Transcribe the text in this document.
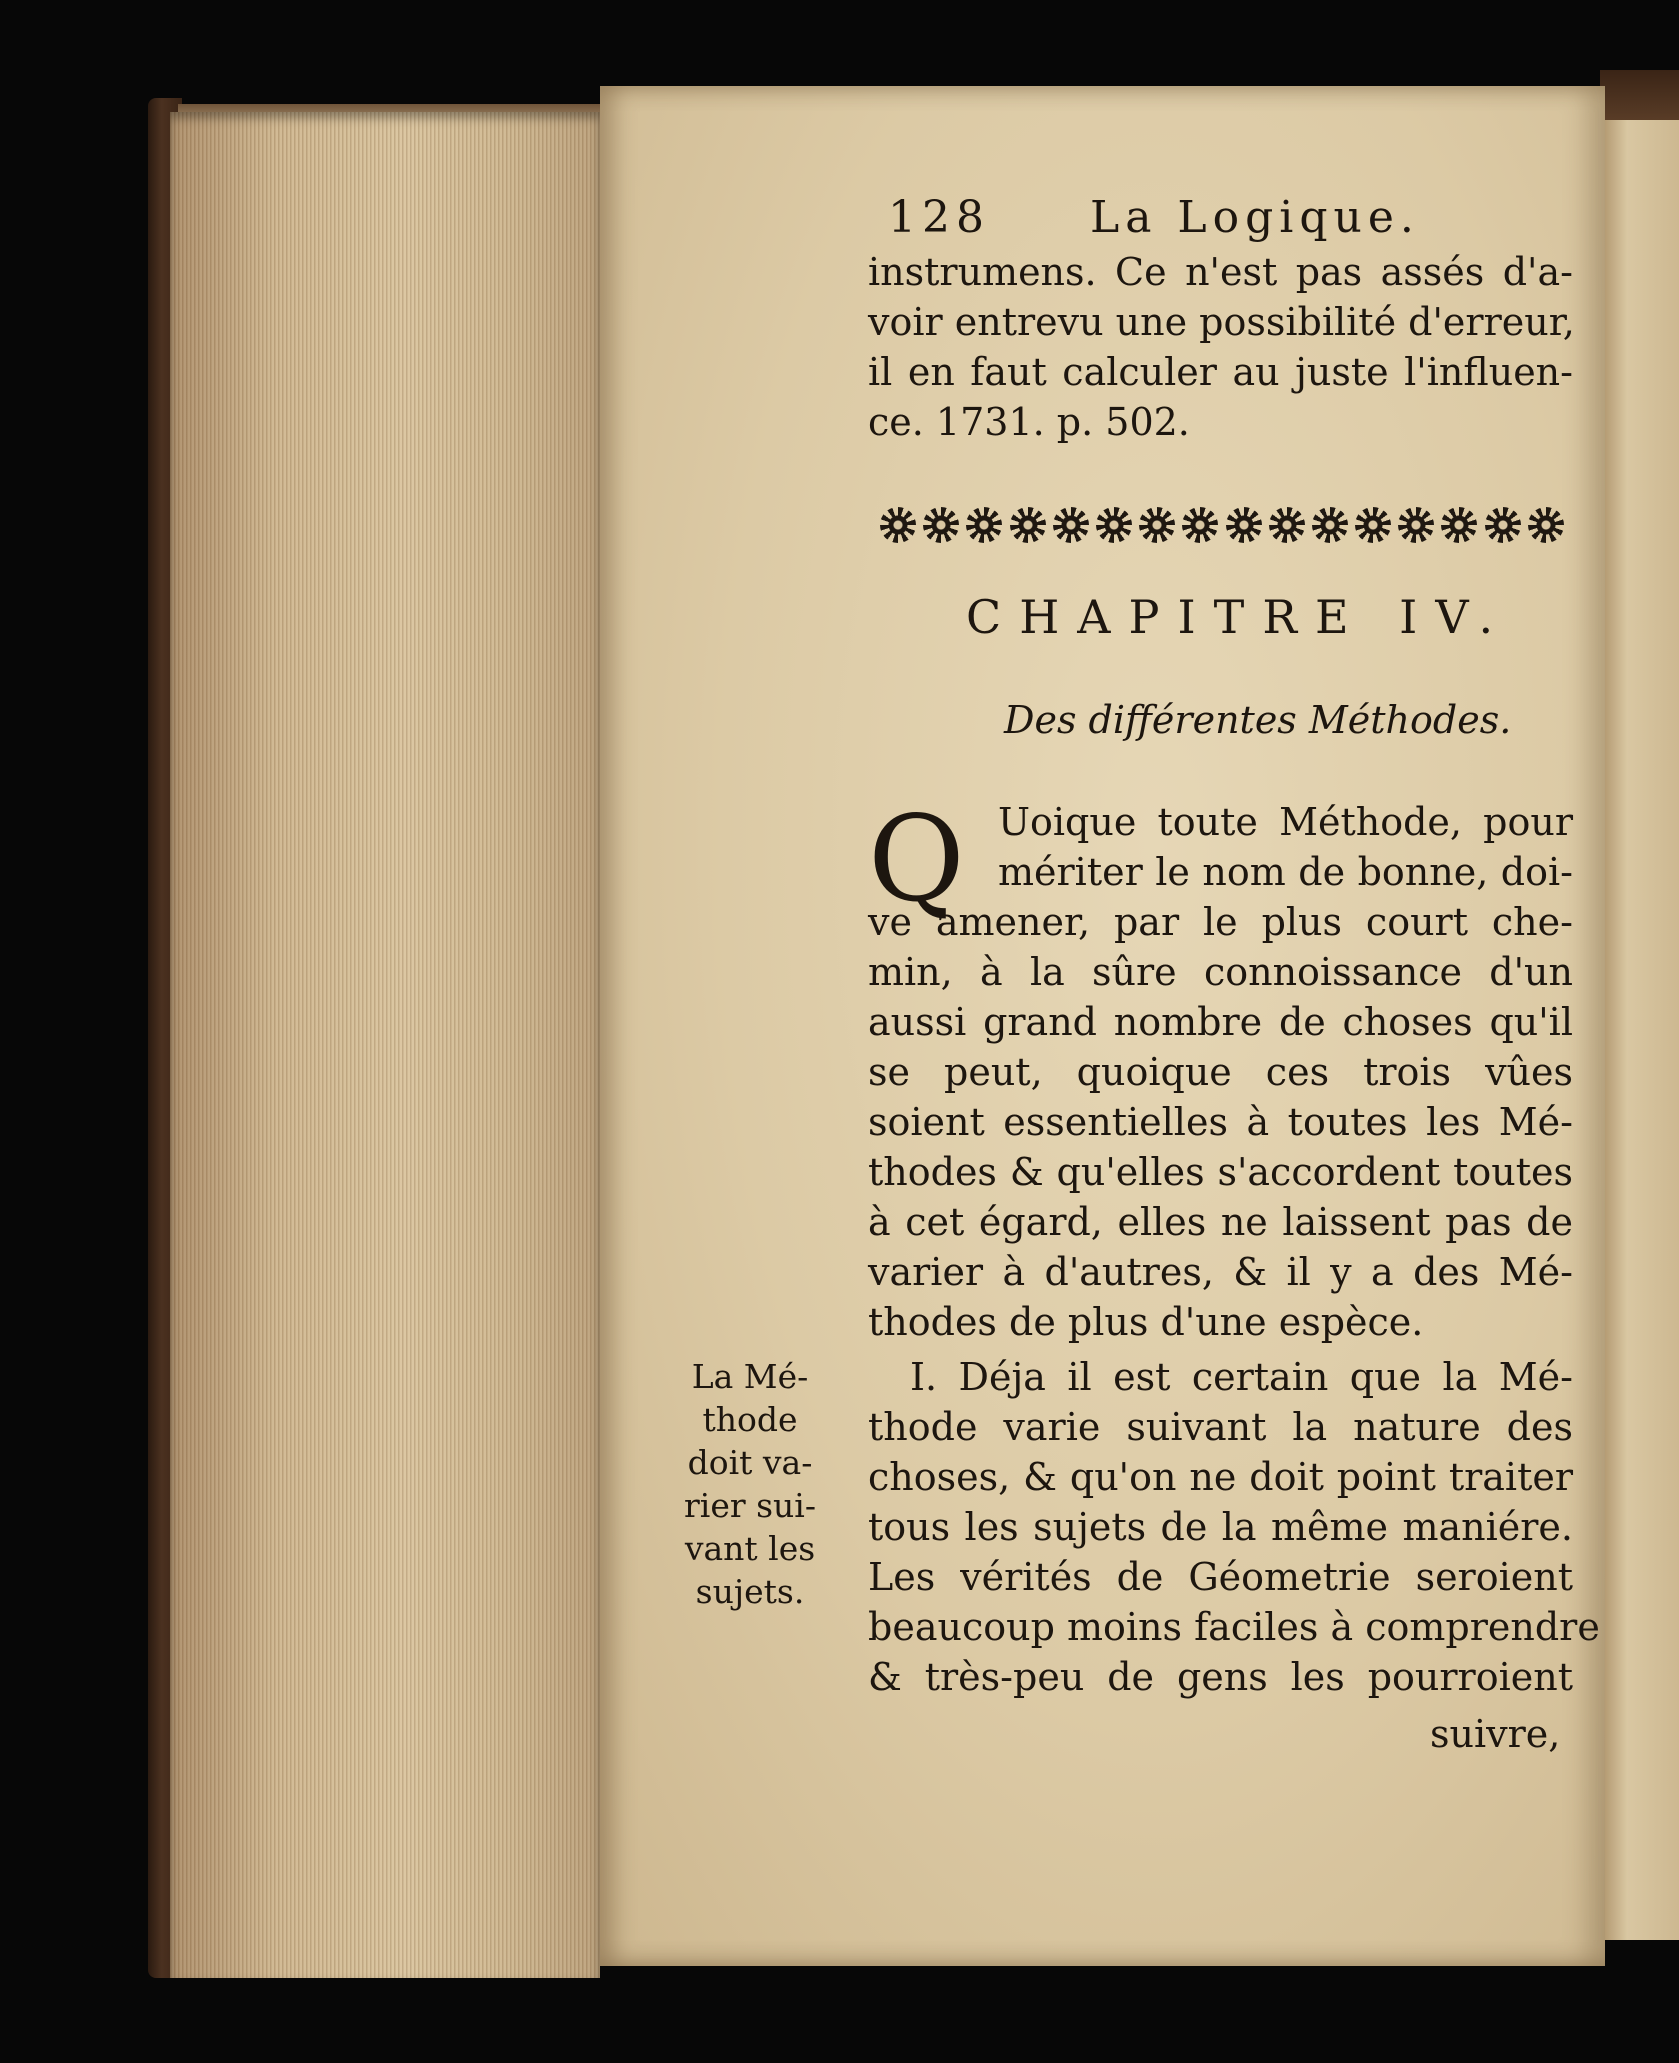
128 La Logique.
instrumens. Ce n'est pas assés d'a-
voir entrevu une possibilité d'erreur,
il en faut calculer au juste l'influen-
ce. 1731. p. 502.
CHAPITRE IV.
Des différentes Méthodes.
Q Uoique toute Méthode, pour
mériter le nom de bonne, doi-
ve amener, par le plus court che-
min, à la sûre connoissance d'un
aussi grand nombre de choses qu'il
se peut, quoique ces trois vûes
soient essentielles à toutes les Mé-
thodes & qu'elles s'accordent toutes
à cet égard, elles ne laissent pas de
varier à d'autres, & il y a des Mé-
thodes de plus d'une espèce.
I. Déja il est certain que la Mé-
thode varie suivant la nature des
choses, & qu'on ne doit point traiter
tous les sujets de la même maniére.
Les vérités de Géometrie seroient
beaucoup moins faciles à comprendre
& très-peu de gens les pourroient
suivre,
La Mé-
thode
doit va-
rier sui-
vant les
sujets.
